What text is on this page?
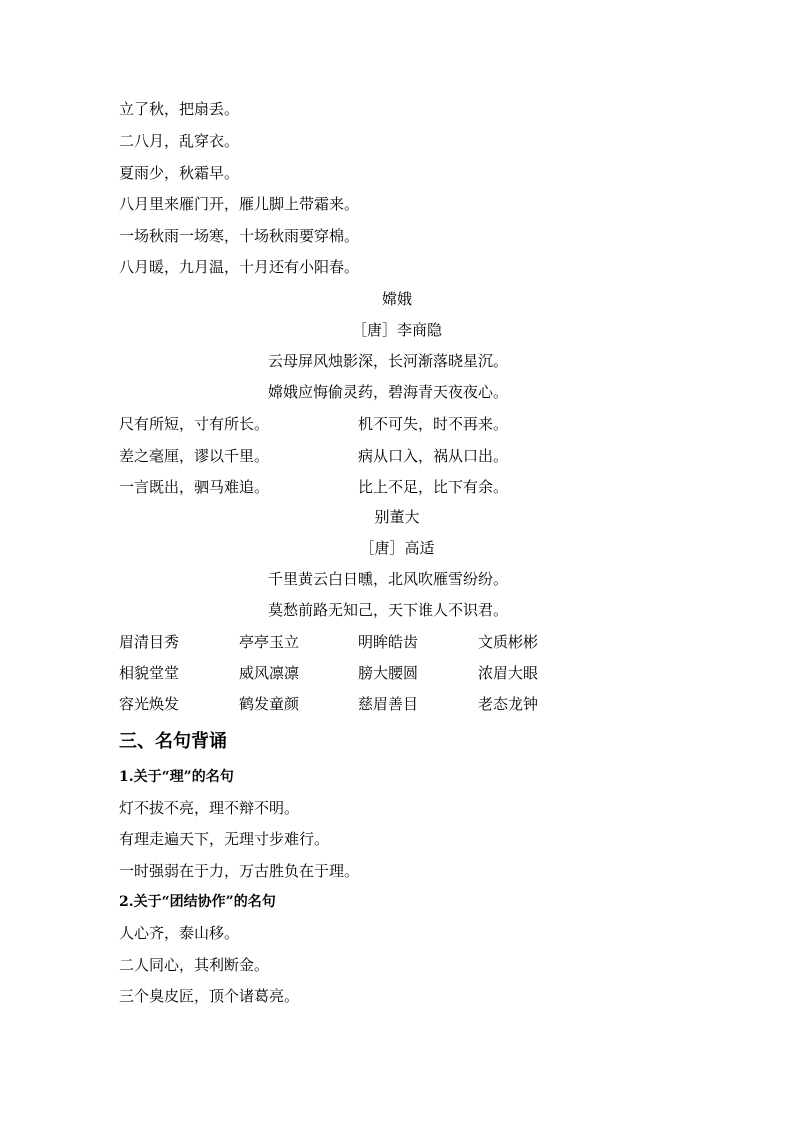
立了秋，把扇丢。
二八月，乱穿衣。
夏雨少，秋霜早。
八月里来雁门开，雁儿脚上带霜来。
一场秋雨一场寒，十场秋雨要穿棉。
八月暖，九月温，十月还有小阳春。
嫦娥
［唐］李商隐
云母屏风烛影深，长河渐落晓星沉。
嫦娥应悔偷灵药，碧海青天夜夜心。
尺有所短，寸有所长。	机不可失，时不再来。
差之毫厘，谬以千里。	病从口入，祸从口出。
一言既出，驷马难追。	比上不足，比下有余。
别董大
［唐］高适
千里黄云白日曛，北风吹雁雪纷纷。
莫愁前路无知己，天下谁人不识君。
眉清目秀	亭亭玉立	明眸皓齿	文质彬彬
相貌堂堂	威风凛凛	膀大腰圆	浓眉大眼
容光焕发	鹤发童颜	慈眉善目	老态龙钟
三、名句背诵
1.关于“理”的名句
灯不拔不亮，理不辩不明。
有理走遍天下，无理寸步难行。
一时强弱在于力，万古胜负在于理。
2.关于“团结协作”的名句
人心齐，泰山移。
二人同心，其利断金。
三个臭皮匠，顶个诸葛亮。
